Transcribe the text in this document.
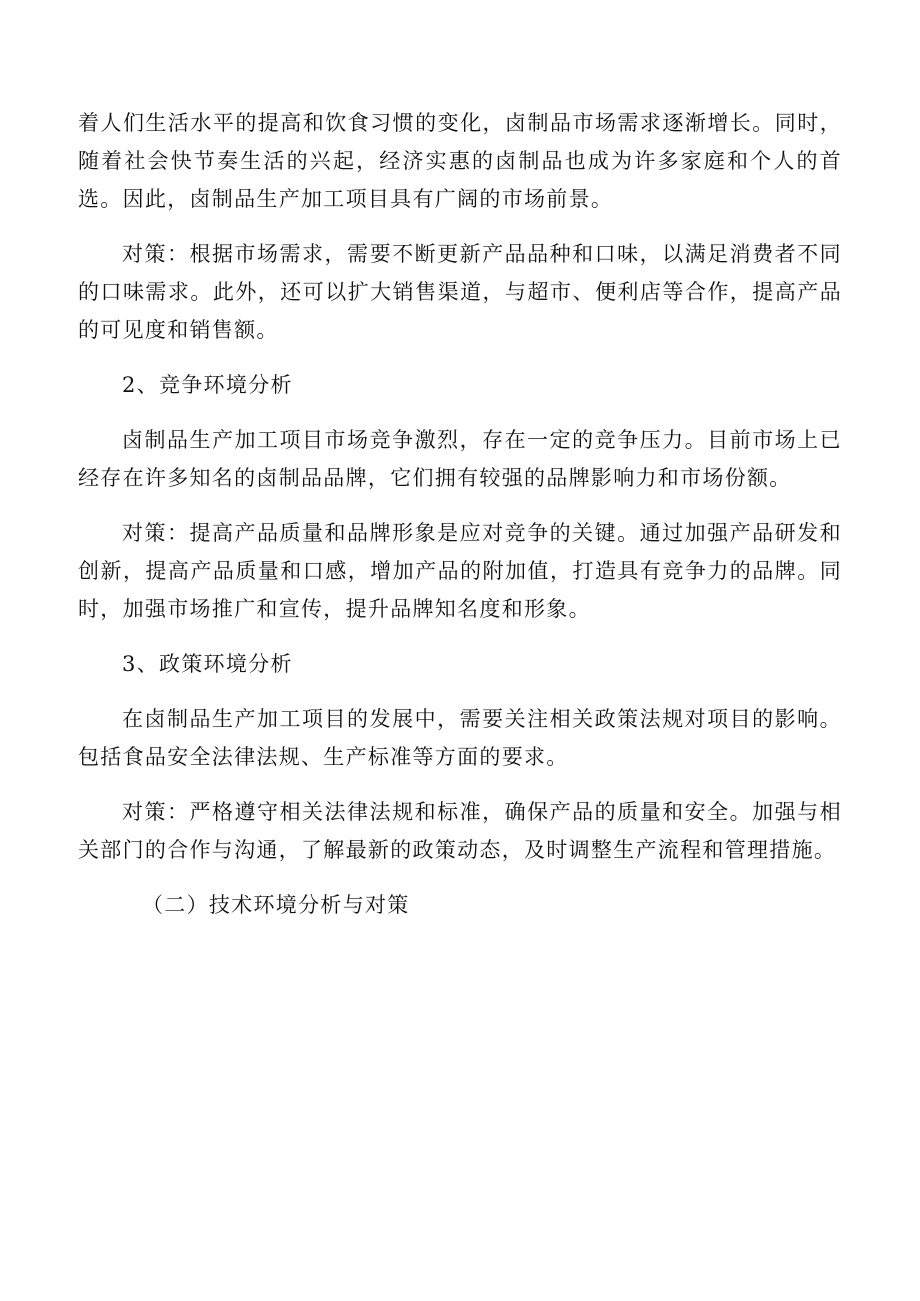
着人们生活水平的提高和饮食习惯的变化，卤制品市场需求逐渐增长。同时，随着社会快节奏生活的兴起，经济实惠的卤制品也成为许多家庭和个人的首选。因此，卤制品生产加工项目具有广阔的市场前景。

对策：根据市场需求，需要不断更新产品品种和口味，以满足消费者不同的口味需求。此外，还可以扩大销售渠道，与超市、便利店等合作，提高产品的可见度和销售额。

2、竞争环境分析

卤制品生产加工项目市场竞争激烈，存在一定的竞争压力。目前市场上已经存在许多知名的卤制品品牌，它们拥有较强的品牌影响力和市场份额。

对策：提高产品质量和品牌形象是应对竞争的关键。通过加强产品研发和创新，提高产品质量和口感，增加产品的附加值，打造具有竞争力的品牌。同时，加强市场推广和宣传，提升品牌知名度和形象。

3、政策环境分析

在卤制品生产加工项目的发展中，需要关注相关政策法规对项目的影响。包括食品安全法律法规、生产标准等方面的要求。

对策：严格遵守相关法律法规和标准，确保产品的质量和安全。加强与相关部门的合作与沟通，了解最新的政策动态，及时调整生产流程和管理措施。

（二）技术环境分析与对策
